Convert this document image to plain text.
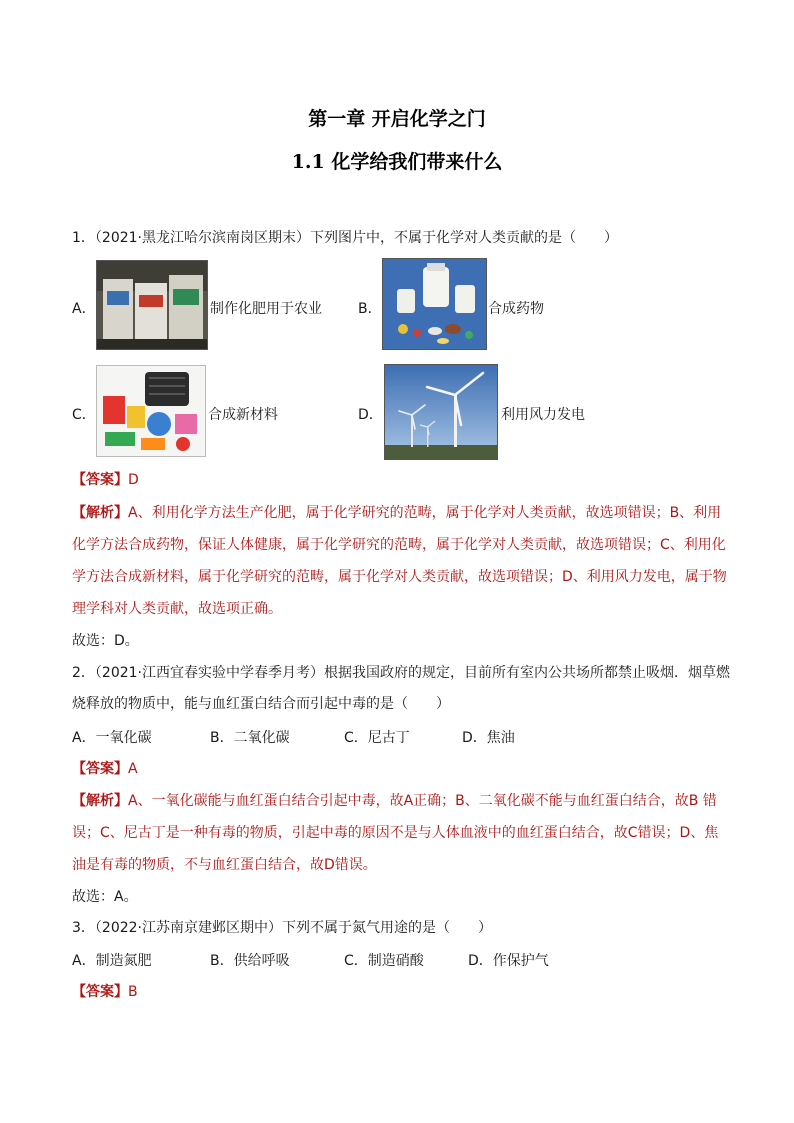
第一章 开启化学之门
1.1 化学给我们带来什么
1．（2021·黑龙江哈尔滨南岗区期末）下列图片中，不属于化学对人类贡献的是（　　）
A．	制作化肥用于农业	B．	合成药物
C．	合成新材料	D．	利用风力发电
【答案】D
【解析】A、利用化学方法生产化肥，属于化学研究的范畴，属于化学对人类贡献，故选项错误；B、利用
化学方法合成药物，保证人体健康，属于化学研究的范畴，属于化学对人类贡献，故选项错误；C、利用化
学方法合成新材料，属于化学研究的范畴，属于化学对人类贡献，故选项错误；D、利用风力发电，属于物
理学科对人类贡献，故选项正确。
故选：D。
2．（2021·江西宜春实验中学春季月考）根据我国政府的规定，目前所有室内公共场所都禁止吸烟．烟草燃
烧释放的物质中，能与血红蛋白结合而引起中毒的是（　　）
A．一氧化碳	B．二氧化碳	C．尼古丁	D．焦油
【答案】A
【解析】A、一氧化碳能与血红蛋白结合引起中毒，故A正确；B、二氧化碳不能与血红蛋白结合，故B 错
误；C、尼古丁是一种有毒的物质，引起中毒的原因不是与人体血液中的血红蛋白结合，故C错误；D、焦
油是有毒的物质，不与血红蛋白结合，故D错误。
故选：A。
3．（2022·江苏南京建邺区期中）下列不属于氮气用途的是（　　）
A．制造氮肥	B．供给呼吸	C．制造硝酸	D．作保护气
【答案】B
